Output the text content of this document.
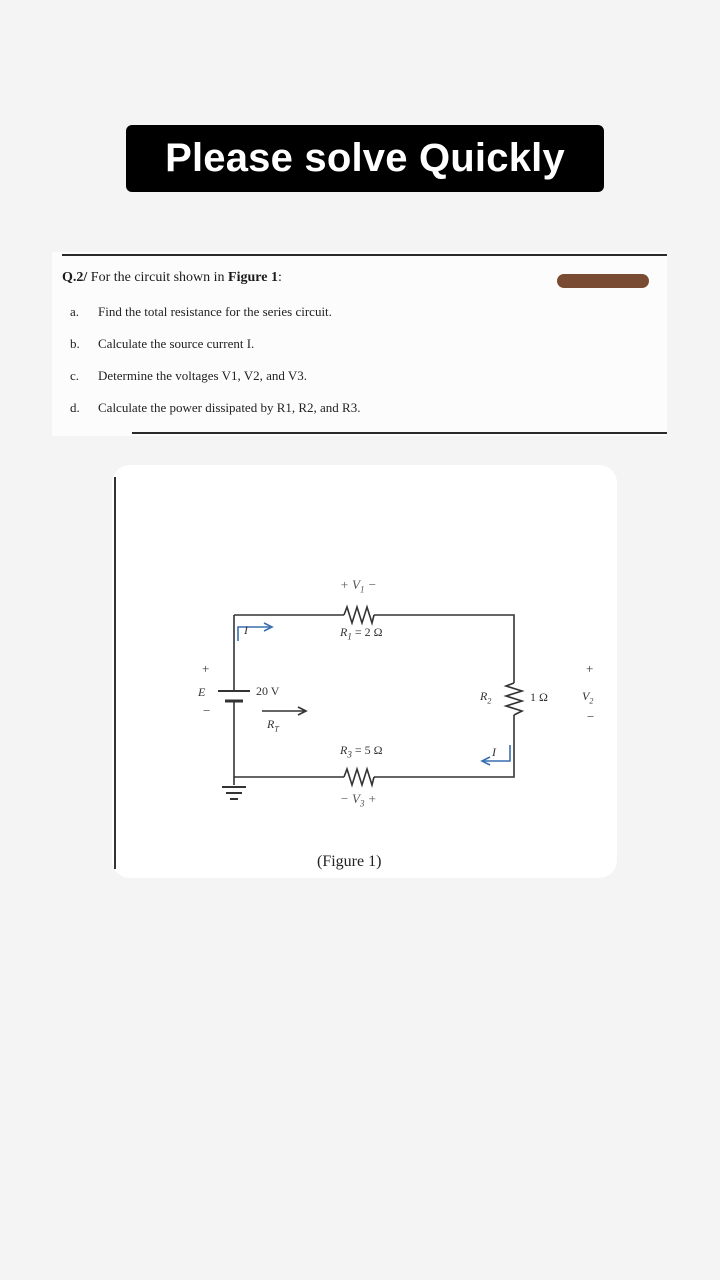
Please solve Quickly
Q.2/ For the circuit shown in Figure 1:
a. Find the total resistance for the series circuit.
b. Calculate the source current I.
c. Determine the voltages V1, V2, and V3.
d. Calculate the power dissipated by R1, R2, and R3.
+ $V_1$ −
$R_1 = 2$ Ω
I
+
E
−
20 V
$R_T$
$R_2$	1 Ω
+
$V_2$
−
I
$R_3 = 5$ Ω
− $V_3$ +
(Figure 1)
